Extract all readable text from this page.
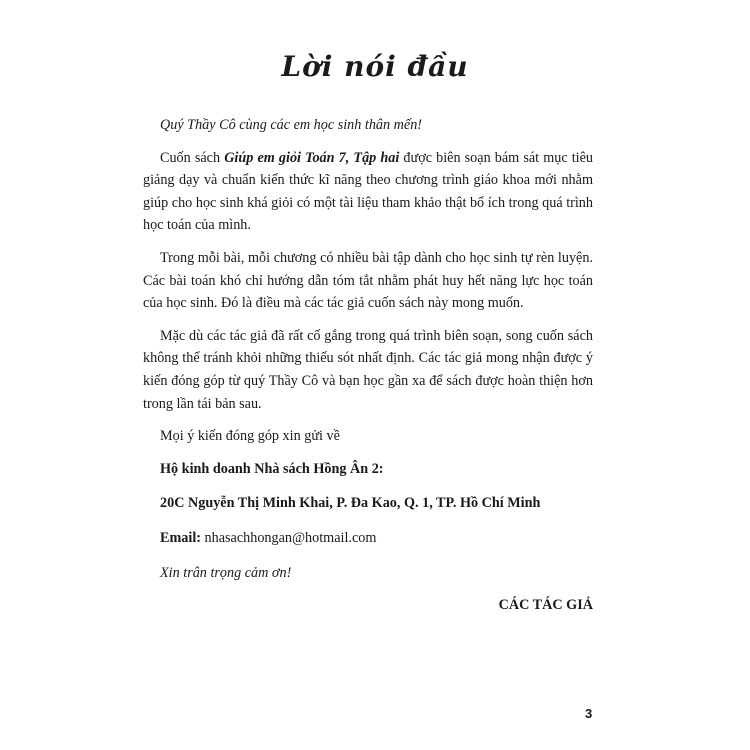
Lời nói đầu

Quý Thầy Cô cùng các em học sinh thân mến!

Cuốn sách Giúp em giỏi Toán 7, Tập hai được biên soạn bám sát mục tiêu giảng dạy và chuẩn kiến thức kĩ năng theo chương trình giáo khoa mới nhằm giúp cho học sinh khá giỏi có một tài liệu tham khảo thật bổ ích trong quá trình học toán của mình.

Trong mỗi bài, mỗi chương có nhiều bài tập dành cho học sinh tự rèn luyện. Các bài toán khó chỉ hướng dẫn tóm tắt nhằm phát huy hết năng lực học toán của học sinh. Đó là điều mà các tác giả cuốn sách này mong muốn.

Mặc dù các tác giả đã rất cố gắng trong quá trình biên soạn, song cuốn sách không thể tránh khỏi những thiếu sót nhất định. Các tác giả mong nhận được ý kiến đóng góp từ quý Thầy Cô và bạn học gần xa để sách được hoàn thiện hơn trong lần tái bản sau.

Mọi ý kiến đóng góp xin gửi về

Hộ kinh doanh Nhà sách Hồng Ân 2:

20C Nguyễn Thị Minh Khai, P. Đa Kao, Q. 1, TP. Hồ Chí Minh

Email: nhasachhongan@hotmail.com

Xin trân trọng cảm ơn!

CÁC TÁC GIẢ

3
